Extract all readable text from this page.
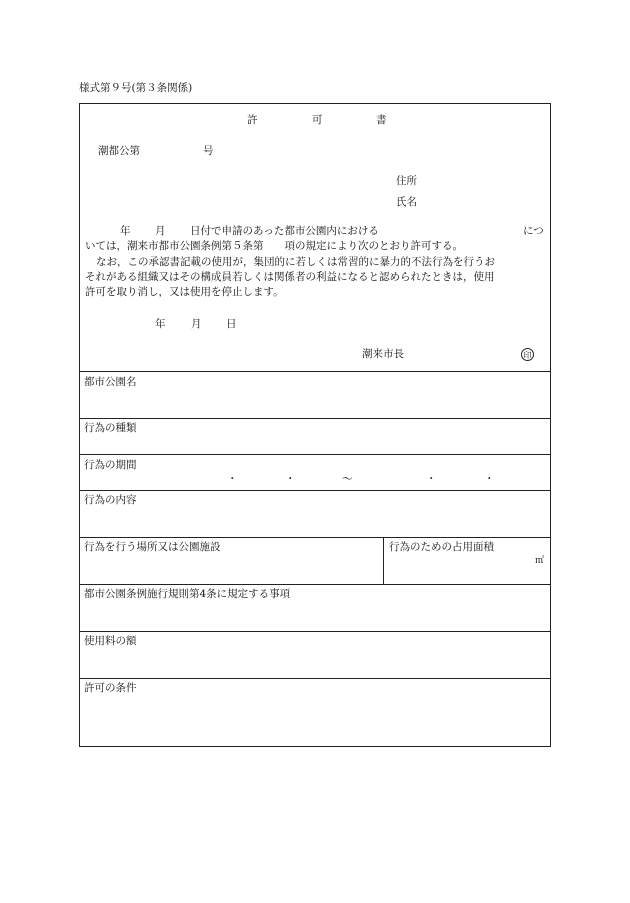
様式第９号(第３条関係)
許	可	書
潮都公第	号
住所
氏名
年 月 日付で申請のあった都市公園内における	につ
いては，潮来市都市公園条例第５条第　　項の規定により次のとおり許可する。
なお，この承認書記載の使用が，集団的に若しくは常習的に暴力的不法行為を行うお
それがある組織又はその構成員若しくは関係者の利益になると認められたときは，使用
許可を取り消し，又は使用を停止します。
年 月 日
潮来市長	印
都市公園名
行為の種類
行為の期間
・	・	～	・	・
行為の内容
行為を行う場所又は公園施設	行為のための占用面積
㎡
都市公園条例施行規則第4条に規定する事項
使用料の額
許可の条件
